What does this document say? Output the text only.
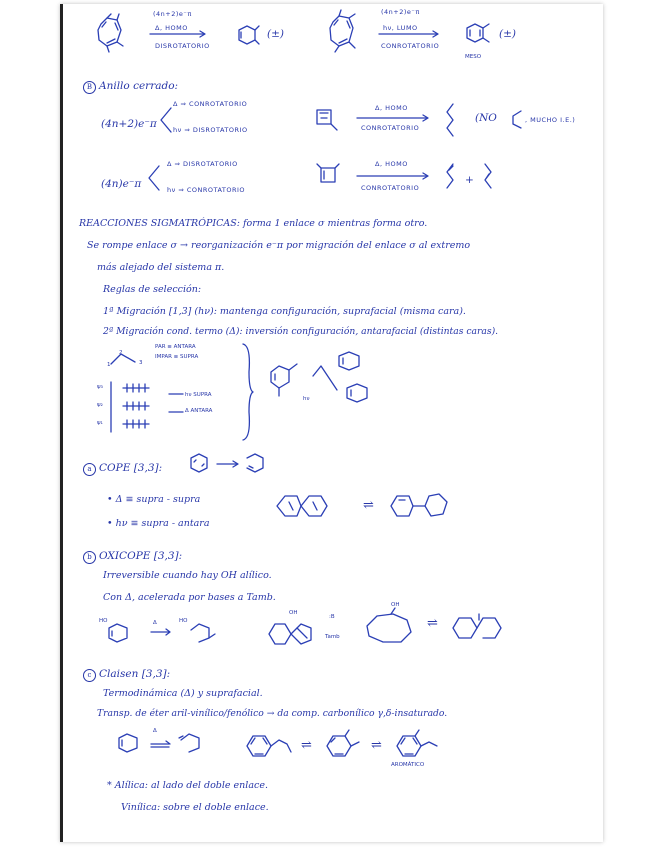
(4n+2)e⁻π
Δ, HOMO
DISROTATORIO
(±)
(4n+2)e⁻π
hν, LUMO
CONROTATORIO
MESO
(±)
B Anillo cerrado:
(4n+2)e⁻π
Δ ⇒ CONROTATORIO
hν ⇒ DISROTATORIO
Δ, HOMO
CONROTATORIO
(NO	, MUCHO I.E.)
(4n)e⁻π
Δ ⇒ DISROTATORIO
hν ⇒ CONROTATORIO
Δ, HOMO
CONROTATORIO
+
REACCIONES SIGMATRÓPICAS: forma 1 enlace σ mientras forma otro.
Se rompe enlace σ → reorganización e⁻π por migración del enlace σ al extremo
más alejado del sistema π.
Reglas de selección:
1ª Migración [1,3] (hν): mantenga configuración, suprafacial (misma cara).
2ª Migración cond. termo (Δ): inversión configuración, antarafacial (distintas caras).
1
2
3
PAR ≡ ANTARA
IMPAR ≡ SUPRA
ψ₃
ψ₂
ψ₁
hν SUPRA
Δ ANTARA
hν
a COPE [3,3]:
• Δ ≡ supra - supra
• hν ≡ supra - antara
⇌
b OXICOPE [3,3]:
Irreversible cuando hay OH alílico.
Con Δ, acelerada por bases a Tamb.
HO	Δ	HO
OH
:B
Tamb
OH
⇌
c Claisen [3,3]:
Termodinámica (Δ) y suprafacial.
Transp. de éter aril-vinílico/fenólico → da comp. carbonílico γ,δ-insaturado.
Δ
⇌	⇌
AROMÁTICO
* Alílica: al lado del doble enlace.
Vinílica: sobre el doble enlace.
